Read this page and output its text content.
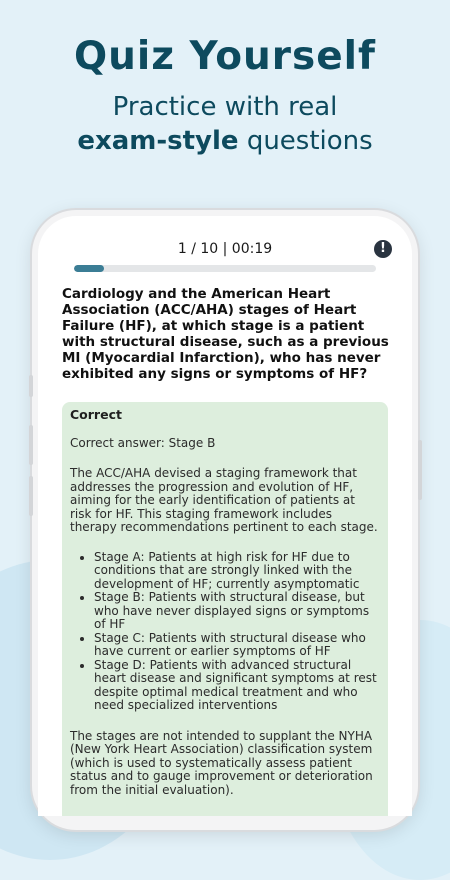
Quiz Yourself
Practice with real
exam-style questions
1 / 10 | 00:19	!
Cardiology and the American Heart Association (ACC/AHA) stages of Heart Failure (HF), at which stage is a patient with structural disease, such as a previous MI (Myocardial Infarction), who has never exhibited any signs or symptoms of HF?
Correct
Correct answer: Stage B
The ACC/AHA devised a staging framework that addresses the progression and evolution of HF, aiming for the early identification of patients at risk for HF. This staging framework includes therapy recommendations pertinent to each stage.
• Stage A: Patients at high risk for HF due to conditions that are strongly linked with the development of HF; currently asymptomatic
• Stage B: Patients with structural disease, but who have never displayed signs or symptoms of HF
• Stage C: Patients with structural disease who have current or earlier symptoms of HF
• Stage D: Patients with advanced structural heart disease and significant symptoms at rest despite optimal medical treatment and who need specialized interventions
The stages are not intended to supplant the NYHA (New York Heart Association) classification system (which is used to systematically assess patient status and to gauge improvement or deterioration from the initial evaluation).
